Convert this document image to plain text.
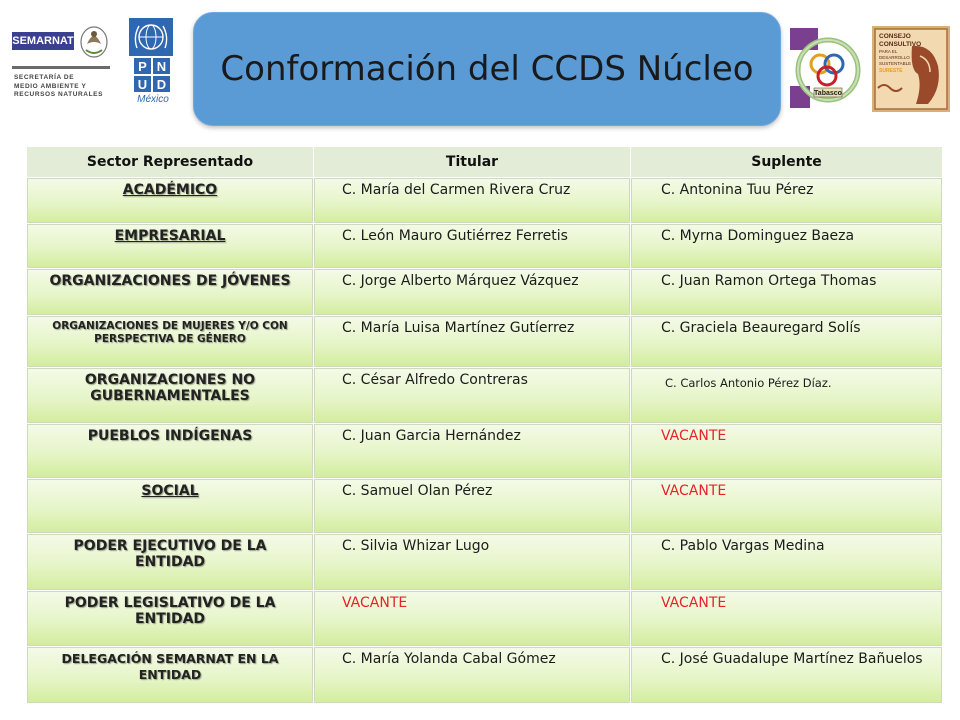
SEMARNAT
SECRETARÍA DE
MEDIO AMBIENTE Y
RECURSOS NATURALES
P N
U D
México
Conformación del CCDS Núcleo
Tabasco
CONSEJO
CONSULTIVO
PARA EL
DESARROLLO
SUSTENTABLE
SURESTE
Sector Representado	Titular	Suplente
ACADÉMICO	C. María del Carmen Rivera Cruz	C. Antonina Tuu Pérez
EMPRESARIAL	C. León Mauro Gutiérrez Ferretis	C. Myrna Dominguez Baeza
ORGANIZACIONES DE JÓVENES	C. Jorge Alberto Márquez Vázquez	C. Juan Ramon Ortega Thomas
ORGANIZACIONES DE MUJERES Y/O CON PERSPECTIVA DE GÉNERO	C. María Luisa Martínez Gutíerrez	C. Graciela Beauregard Solís
ORGANIZACIONES NO GUBERNAMENTALES	C. César Alfredo Contreras	C. Carlos Antonio Pérez Díaz.
PUEBLOS INDÍGENAS	C. Juan Garcia Hernández	VACANTE
SOCIAL	C. Samuel Olan Pérez	VACANTE
PODER EJECUTIVO DE LA ENTIDAD	C. Silvia Whizar Lugo	C. Pablo Vargas Medina
PODER LEGISLATIVO DE LA ENTIDAD	VACANTE	VACANTE
DELEGACIÓN SEMARNAT EN LA ENTIDAD	C. María Yolanda Cabal Gómez	C. José Guadalupe Martínez Bañuelos
